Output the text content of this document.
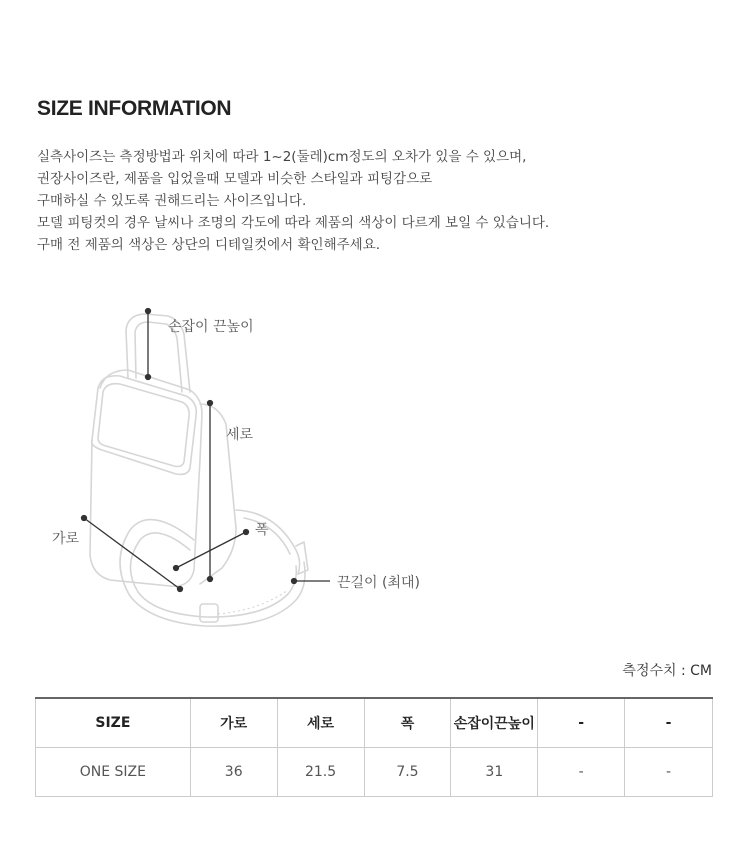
SIZE INFORMATION
실측사이즈는 측정방법과 위치에 따라 1~2(둘레)cm정도의 오차가 있을 수 있으며,
권장사이즈란, 제품을 입었을때 모델과 비슷한 스타일과 피팅감으로
구매하실 수 있도록 권해드리는 사이즈입니다.
모델 피팅컷의 경우 날씨나 조명의 각도에 따라 제품의 색상이 다르게 보일 수 있습니다.
구매 전 제품의 색상은 상단의 디테일컷에서 확인해주세요.
손잡이 끈높이
세로
폭
가로
끈길이 (최대)
측정수치 : CM
SIZE	가로	세로	폭	손잡이끈높이	-	-
ONE SIZE	36	21.5	7.5	31	-	-
